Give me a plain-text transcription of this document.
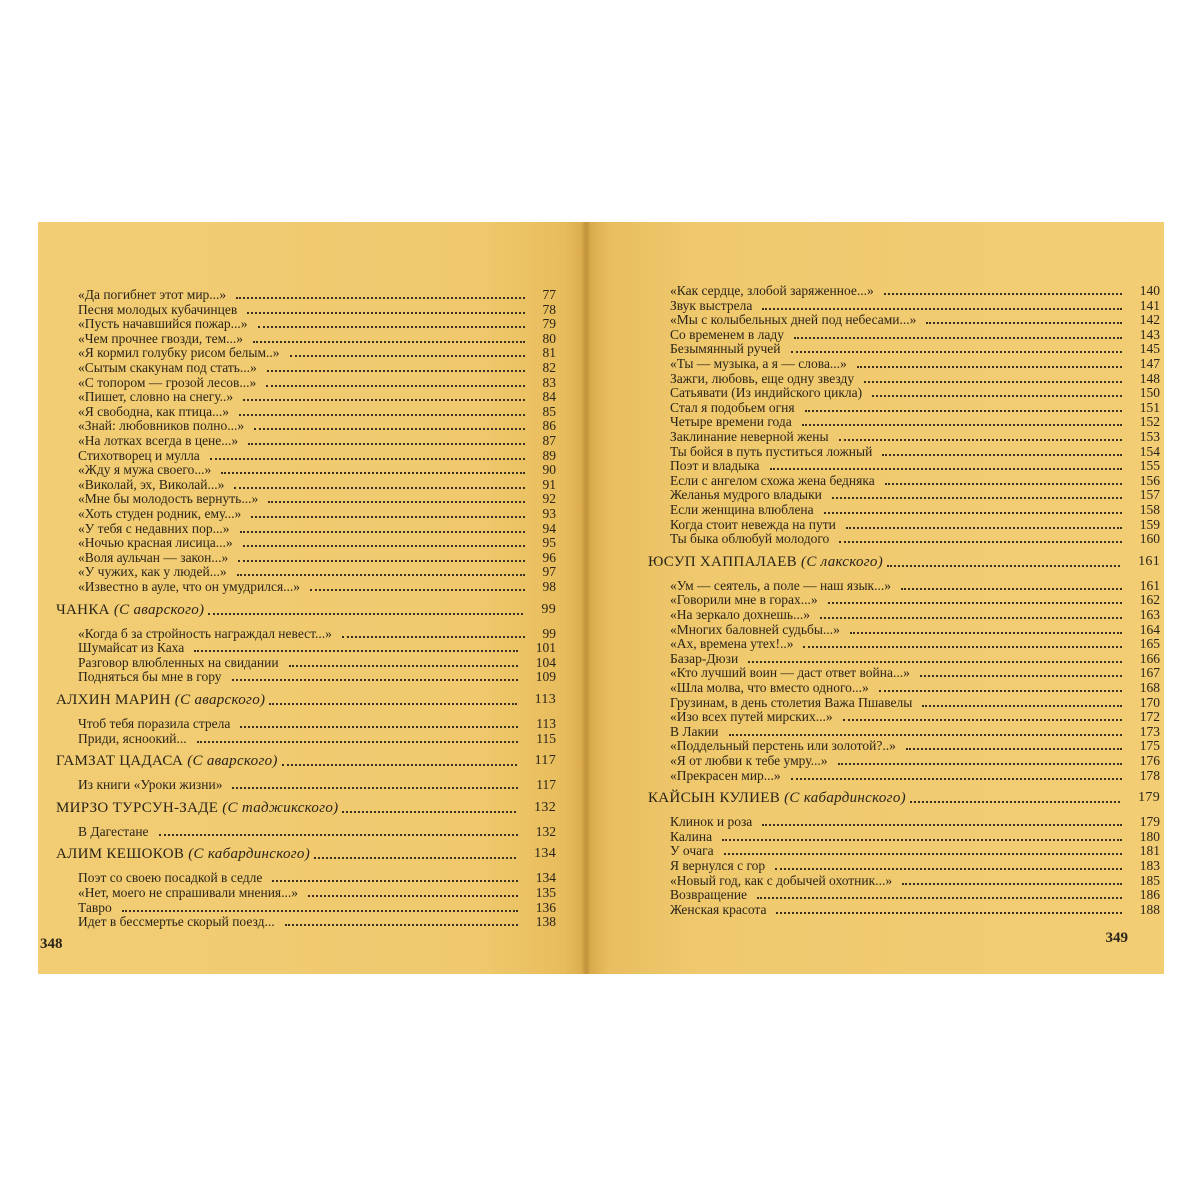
«Да погибнет этот мир...»	77
Песня молодых кубачинцев	78
«Пусть начавшийся пожар...»	79
«Чем прочнее гвозди, тем...»	80
«Я кормил голубку рисом белым..»	81
«Сытым скакунам под стать...»	82
«С топором — грозой лесов...»	83
«Пишет, словно на снегу..»	84
«Я свободна, как птица...»	85
«Знай: любовников полно...»	86
«На лотках всегда в цене...»	87
Стихотворец и мулла	89
«Жду я мужа своего...»	90
«Виколай, эх, Виколай...»	91
«Мне бы молодость вернуть...»	92
«Хоть студен родник, ему...»	93
«У тебя с недавних пор...»	94
«Ночью красная лисица...»	95
«Воля аульчан — закон...»	96
«У чужих, как у людей...»	97
«Известно в ауле, что он умудрился...»	98
ЧАНКА (С аварского)	99
«Когда б за стройность награждал невест...»	99
Шумайсат из Каха	101
Разговор влюбленных на свидании	104
Подняться бы мне в гору	109
АЛХИН МАРИН (С аварского)	113
Чтоб тебя поразила стрела	113
Приди, ясноокий...	115
ГАМЗАТ ЦАДАСА (С аварского)	117
Из книги «Уроки жизни»	117
МИРЗО ТУРСУН-ЗАДЕ (С таджикского)	132
В Дагестане	132
АЛИМ КЕШОКОВ (С кабардинского)	134
Поэт со своею посадкой в седле	134
«Нет, моего не спрашивали мнения...»	135
Тавро	136
Идет в бессмертье скорый поезд...	138
348
«Как сердце, злобой заряженное...»	140
Звук выстрела	141
«Мы с колыбельных дней под небесами...»	142
Со временем в ладу	143
Безымянный ручей	145
«Ты — музыка, а я — слова...»	147
Зажги, любовь, еще одну звезду	148
Сатьявати (Из индийского цикла)	150
Стал я подобьем огня	151
Четыре времени года	152
Заклинание неверной жены	153
Ты бойся в путь пуститься ложный	154
Поэт и владыка	155
Если с ангелом схожа жена бедняка	156
Желанья мудрого владыки	157
Если женщина влюблена	158
Когда стоит невежда на пути	159
Ты быка облюбуй молодого	160
ЮСУП ХАППАЛАЕВ (С лакского)	161
«Ум — сеятель, а поле — наш язык...»	161
«Говорили мне в горах...»	162
«На зеркало дохнешь...»	163
«Многих баловней судьбы...»	164
«Ах, времена утех!..»	165
Базар-Дюзи	166
«Кто лучший воин — даст ответ война...»	167
«Шла молва, что вместо одного...»	168
Грузинам, в день столетия Важа Пшавелы	170
«Изо всех путей мирских...»	172
В Лакии	173
«Поддельный перстень или золотой?..»	175
«Я от любви к тебе умру...»	176
«Прекрасен мир...»	178
КАЙСЫН КУЛИЕВ (С кабардинского)	179
Клинок и роза	179
Калина	180
У очага	181
Я вернулся с гор	183
«Новый год, как с добычей охотник...»	185
Возвращение	186
Женская красота	188
349
